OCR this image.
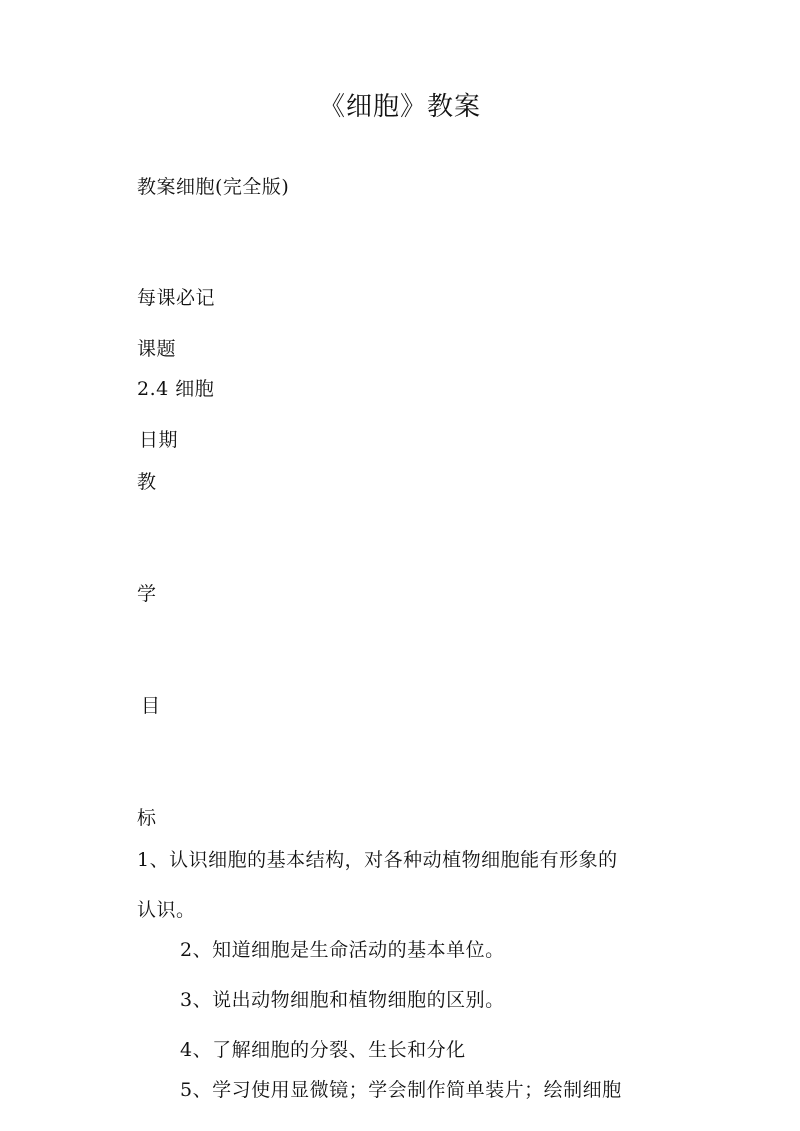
《细胞》教案
教案细胞(完全版)
每课必记
课题
2.4 细胞
日期
教
学
目
标
1、认识细胞的基本结构，对各种动植物细胞能有形象的
认识。
2、知道细胞是生命活动的基本单位。
3、说出动物细胞和植物细胞的区别。
4、了解细胞的分裂、生长和分化
5、学习使用显微镜；学会制作简单装片；绘制细胞
